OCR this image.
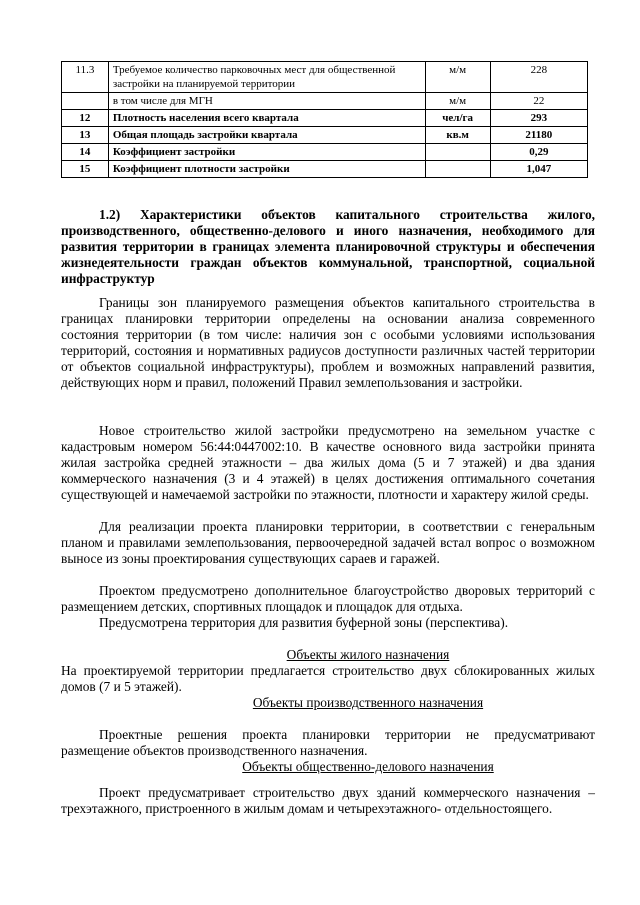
11.3	Требуемое количество парковочных мест для общественной застройки на планируемой территории	м/м	228
	в том числе для МГН	м/м	22
12	Плотность населения всего квартала	чел/га	293
13	Общая площадь застройки квартала	кв.м	21180
14	Коэффициент застройки		0,29
15	Коэффициент плотности застройки		1,047
1.2) Характеристики объектов капитального строительства жилого, производственного, общественно-делового и иного назначения, необходимого для развития территории в границах элемента планировочной структуры и обеспечения жизнедеятельности граждан объектов коммунальной, транспортной, социальной инфраструктур
Границы зон планируемого размещения объектов капитального строительства в границах планировки территории определены на основании анализа современного состояния территории (в том числе: наличия зон с особыми условиями использования территорий, состояния и нормативных радиусов доступности различных частей территории от объектов социальной инфраструктуры), проблем и возможных направлений развития, действующих норм и правил, положений Правил землепользования и застройки.
Новое строительство жилой застройки предусмотрено на земельном участке с кадастровым номером 56:44:0447002:10. В качестве основного вида застройки принята жилая застройка средней этажности – два жилых дома (5 и 7 этажей) и два здания коммерческого назначения (3 и 4 этажей) в целях достижения оптимального сочетания существующей и намечаемой застройки по этажности, плотности и характеру жилой среды.
Для реализации проекта планировки территории, в соответствии с генеральным планом и правилами землепользования, первоочередной задачей встал вопрос о возможном выносе из зоны проектирования существующих сараев и гаражей.
Проектом предусмотрено дополнительное благоустройство дворовых территорий с размещением детских, спортивных площадок и площадок для отдыха.
Предусмотрена территория для развития буферной зоны (перспектива).
Объекты жилого назначения
На проектируемой территории предлагается строительство двух сблокированных жилых домов (7 и 5 этажей).
Объекты производственного назначения
Проектные решения проекта планировки территории не предусматривают размещение объектов производственного назначения.
Объекты общественно-делового назначения
Проект предусматривает строительство двух зданий коммерческого назначения – трехэтажного, пристроенного в жилым домам и четырехэтажного- отдельностоящего.
